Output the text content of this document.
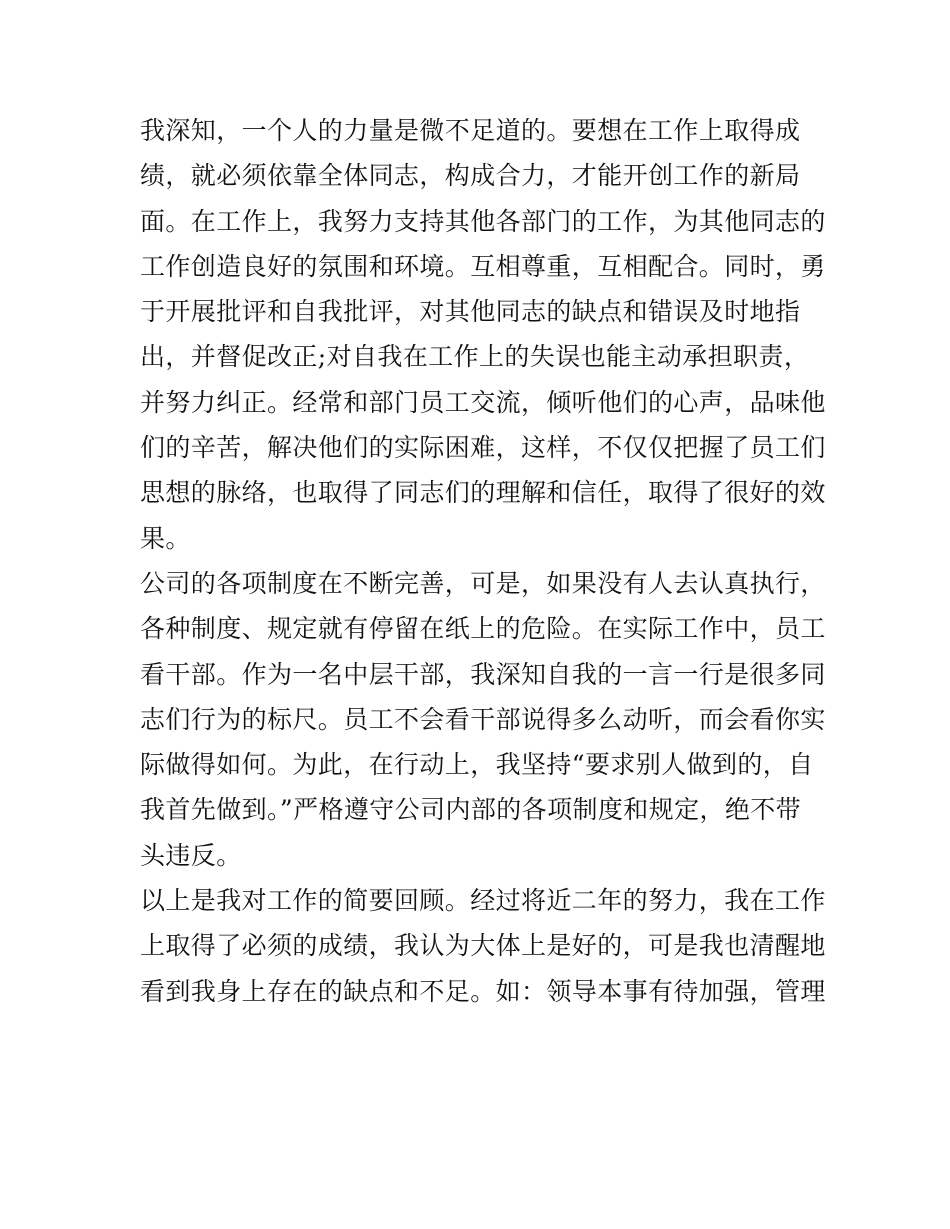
我深知，一个人的力量是微不足道的。要想在工作上取得成
绩，就必须依靠全体同志，构成合力，才能开创工作的新局
面。在工作上，我努力支持其他各部门的工作，为其他同志的
工作创造良好的氛围和环境。互相尊重，互相配合。同时，勇
于开展批评和自我批评，对其他同志的缺点和错误及时地指
出，并督促改正;对自我在工作上的失误也能主动承担职责，
并努力纠正。经常和部门员工交流，倾听他们的心声，品味他
们的辛苦，解决他们的实际困难，这样，不仅仅把握了员工们
思想的脉络，也取得了同志们的理解和信任，取得了很好的效
果。
公司的各项制度在不断完善，可是，如果没有人去认真执行，
各种制度、规定就有停留在纸上的危险。在实际工作中，员工
看干部。作为一名中层干部，我深知自我的一言一行是很多同
志们行为的标尺。员工不会看干部说得多么动听，而会看你实
际做得如何。为此，在行动上，我坚持“要求别人做到的，自
我首先做到。”严格遵守公司内部的各项制度和规定，绝不带
头违反。
以上是我对工作的简要回顾。经过将近二年的努力，我在工作
上取得了必须的成绩，我认为大体上是好的，可是我也清醒地
看到我身上存在的缺点和不足。如：领导本事有待加强，管理
